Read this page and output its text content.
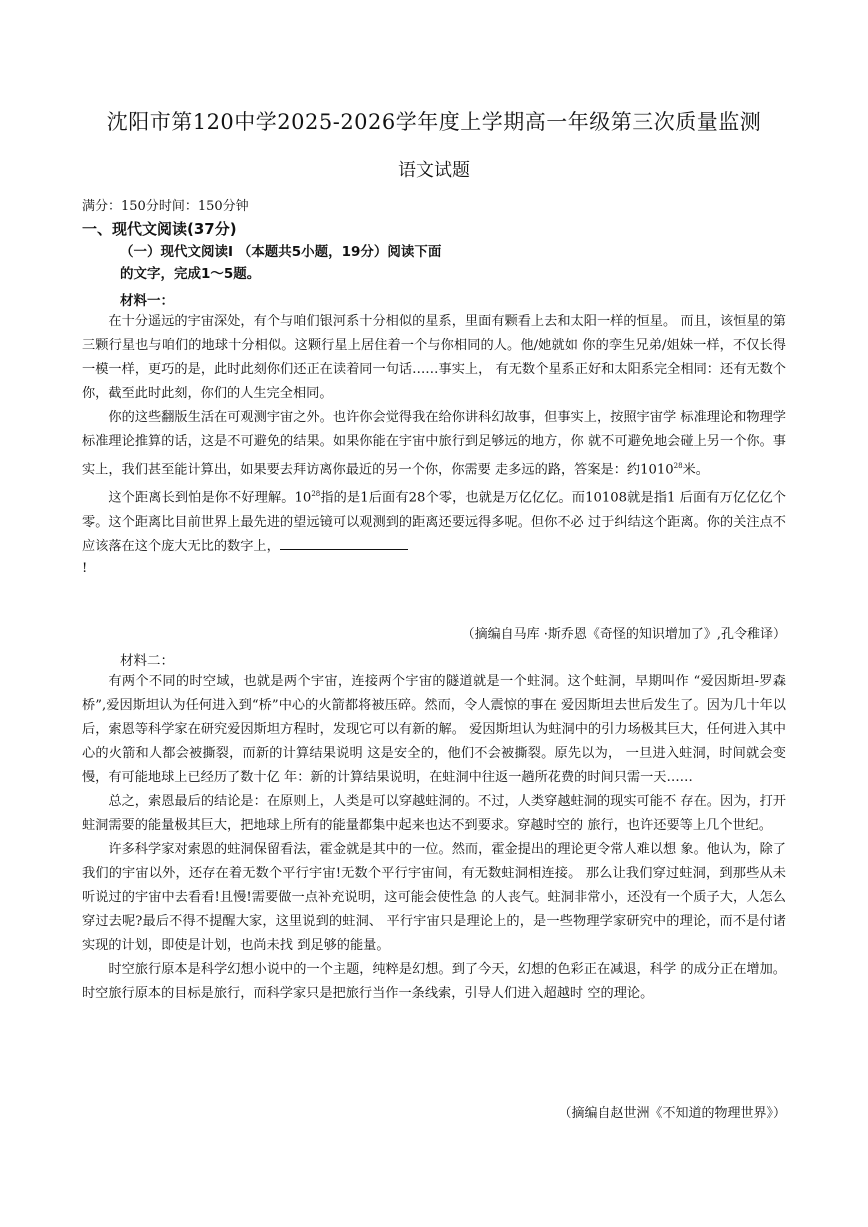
沈阳市第120中学2025-2026学年度上学期高一年级第三次质量监测
语文试题
满分：150分时间：150分钟
一、现代文阅读(37分)
（一）现代文阅读Ⅰ （本题共5小题，19分）阅读下面的文字，完成1～5题。
材料一：

在十分遥远的宇宙深处，有个与咱们银河系十分相似的星系，里面有颗看上去和太阳一样的恒星。 而且，该恒星的第三颗行星也与咱们的地球十分相似。这颗行星上居住着一个与你相同的人。他/她就如 你的孪生兄弟/姐妹一样，不仅长得一模一样，更巧的是，此时此刻你们还正在读着同一句话……事实上， 有无数个星系正好和太阳系完全相同：还有无数个你，截至此时此刻，你们的人生完全相同。

你的这些翻版生活在可观测宇宙之外。也许你会觉得我在给你讲科幻故事，但事实上，按照宇宙学 标准理论和物理学标准理论推算的话，这是不可避免的结果。如果你能在宇宙中旅行到足够远的地方，你 就不可避免地会碰上另一个你。事实上，我们甚至能计算出，如果要去拜访离你最近的另一个你，你需要 走多远的路，答案是：约1010$^{28}$米。

这个距离长到怕是你不好理解。$10^{28}$指的是1后面有28个零，也就是万亿亿亿。而10108就是指1 后面有万亿亿亿个零。这个距离比目前世界上最先进的望远镜可以观测到的距离还要远得多呢。但你不必 过于纠结这个距离。你的关注点不应该落在这个庞大无比的数字上，

!
（摘编自马库 ·斯乔恩《奇怪的知识增加了》,孔令稚译）
材料二：

有两个不同的时空域，也就是两个宇宙，连接两个宇宙的隧道就是一个蛀洞。这个蛀洞，早期叫作 “爱因斯坦-罗森桥”,爱因斯坦认为任何进入到“桥”中心的火箭都将被压碎。然而，令人震惊的事在 爱因斯坦去世后发生了。因为几十年以后，索恩等科学家在研究爱因斯坦方程时，发现它可以有新的解。 爱因斯坦认为蛀洞中的引力场极其巨大，任何进入其中心的火箭和人都会被撕裂，而新的计算结果说明 这是安全的，他们不会被撕裂。原先以为， 一旦进入蛀洞，时间就会变慢，有可能地球上已经历了数十亿 年：新的计算结果说明，在蛀洞中往返一趟所花费的时间只需一天……

总之，索恩最后的结论是：在原则上，人类是可以穿越蛀洞的。不过，人类穿越蛀洞的现实可能不 存在。因为，打开蛀洞需要的能量极其巨大，把地球上所有的能量都集中起来也达不到要求。穿越时空的 旅行，也许还要等上几个世纪。

许多科学家对索恩的蛀洞保留看法，霍金就是其中的一位。然而，霍金提出的理论更令常人难以想 象。他认为，除了我们的宇宙以外，还存在着无数个平行宇宙!无数个平行宇宙间，有无数蛀洞相连接。 那么让我们穿过蛀洞，到那些从未听说过的宇宙中去看看!且慢!需要做一点补充说明，这可能会使性急 的人丧气。蛀洞非常小，还没有一个质子大，人怎么穿过去呢?最后不得不提醒大家，这里说到的蛀洞、 平行宇宙只是理论上的，是一些物理学家研究中的理论，而不是付诸实现的计划，即使是计划，也尚未找 到足够的能量。

时空旅行原本是科学幻想小说中的一个主题，纯粹是幻想。到了今天，幻想的色彩正在减退，科学 的成分正在增加。时空旅行原本的目标是旅行，而科学家只是把旅行当作一条线索，引导人们进入超越时 空的理论。

（摘编自赵世洲《不知道的物理世界》）
